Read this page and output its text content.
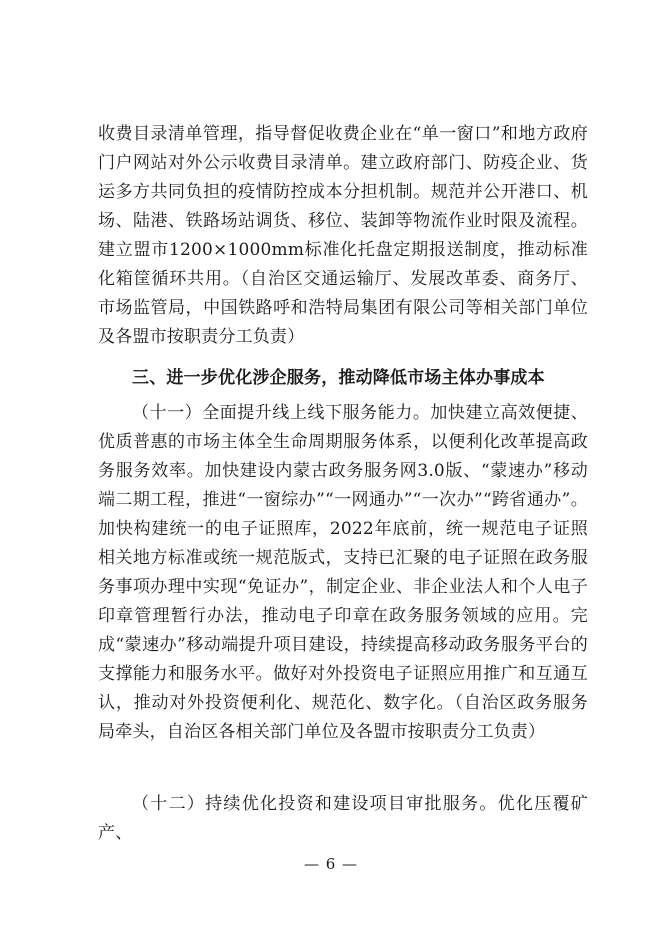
收费目录清单管理，指导督促收费企业在“单一窗口”和地方政府门户网站对外公示收费目录清单。建立政府部门、防疫企业、货运多方共同负担的疫情防控成本分担机制。规范并公开港口、机场、陆港、铁路场站调货、移位、装卸等物流作业时限及流程。建立盟市1200×1000mm标准化托盘定期报送制度，推动标准化箱筐循环共用。（自治区交通运输厅、发展改革委、商务厅、市场监管局，中国铁路呼和浩特局集团有限公司等相关部门单位及各盟市按职责分工负责）

三、进一步优化涉企服务，推动降低市场主体办事成本

（十一）全面提升线上线下服务能力。加快建立高效便捷、优质普惠的市场主体全生命周期服务体系，以便利化改革提高政务服务效率。加快建设内蒙古政务服务网3.0版、“蒙速办”移动端二期工程，推进“一窗综办”“一网通办”“一次办”“跨省通办”。加快构建统一的电子证照库，2022年底前，统一规范电子证照相关地方标准或统一规范版式，支持已汇聚的电子证照在政务服务事项办理中实现“免证办”，制定企业、非企业法人和个人电子印章管理暂行办法，推动电子印章在政务服务领域的应用。完成“蒙速办”移动端提升项目建设，持续提高移动政务服务平台的支撑能力和服务水平。做好对外投资电子证照应用推广和互通互认，推动对外投资便利化、规范化、数字化。（自治区政务服务局牵头，自治区各相关部门单位及各盟市按职责分工负责）

（十二）持续优化投资和建设项目审批服务。优化压覆矿产、

— 6 —
